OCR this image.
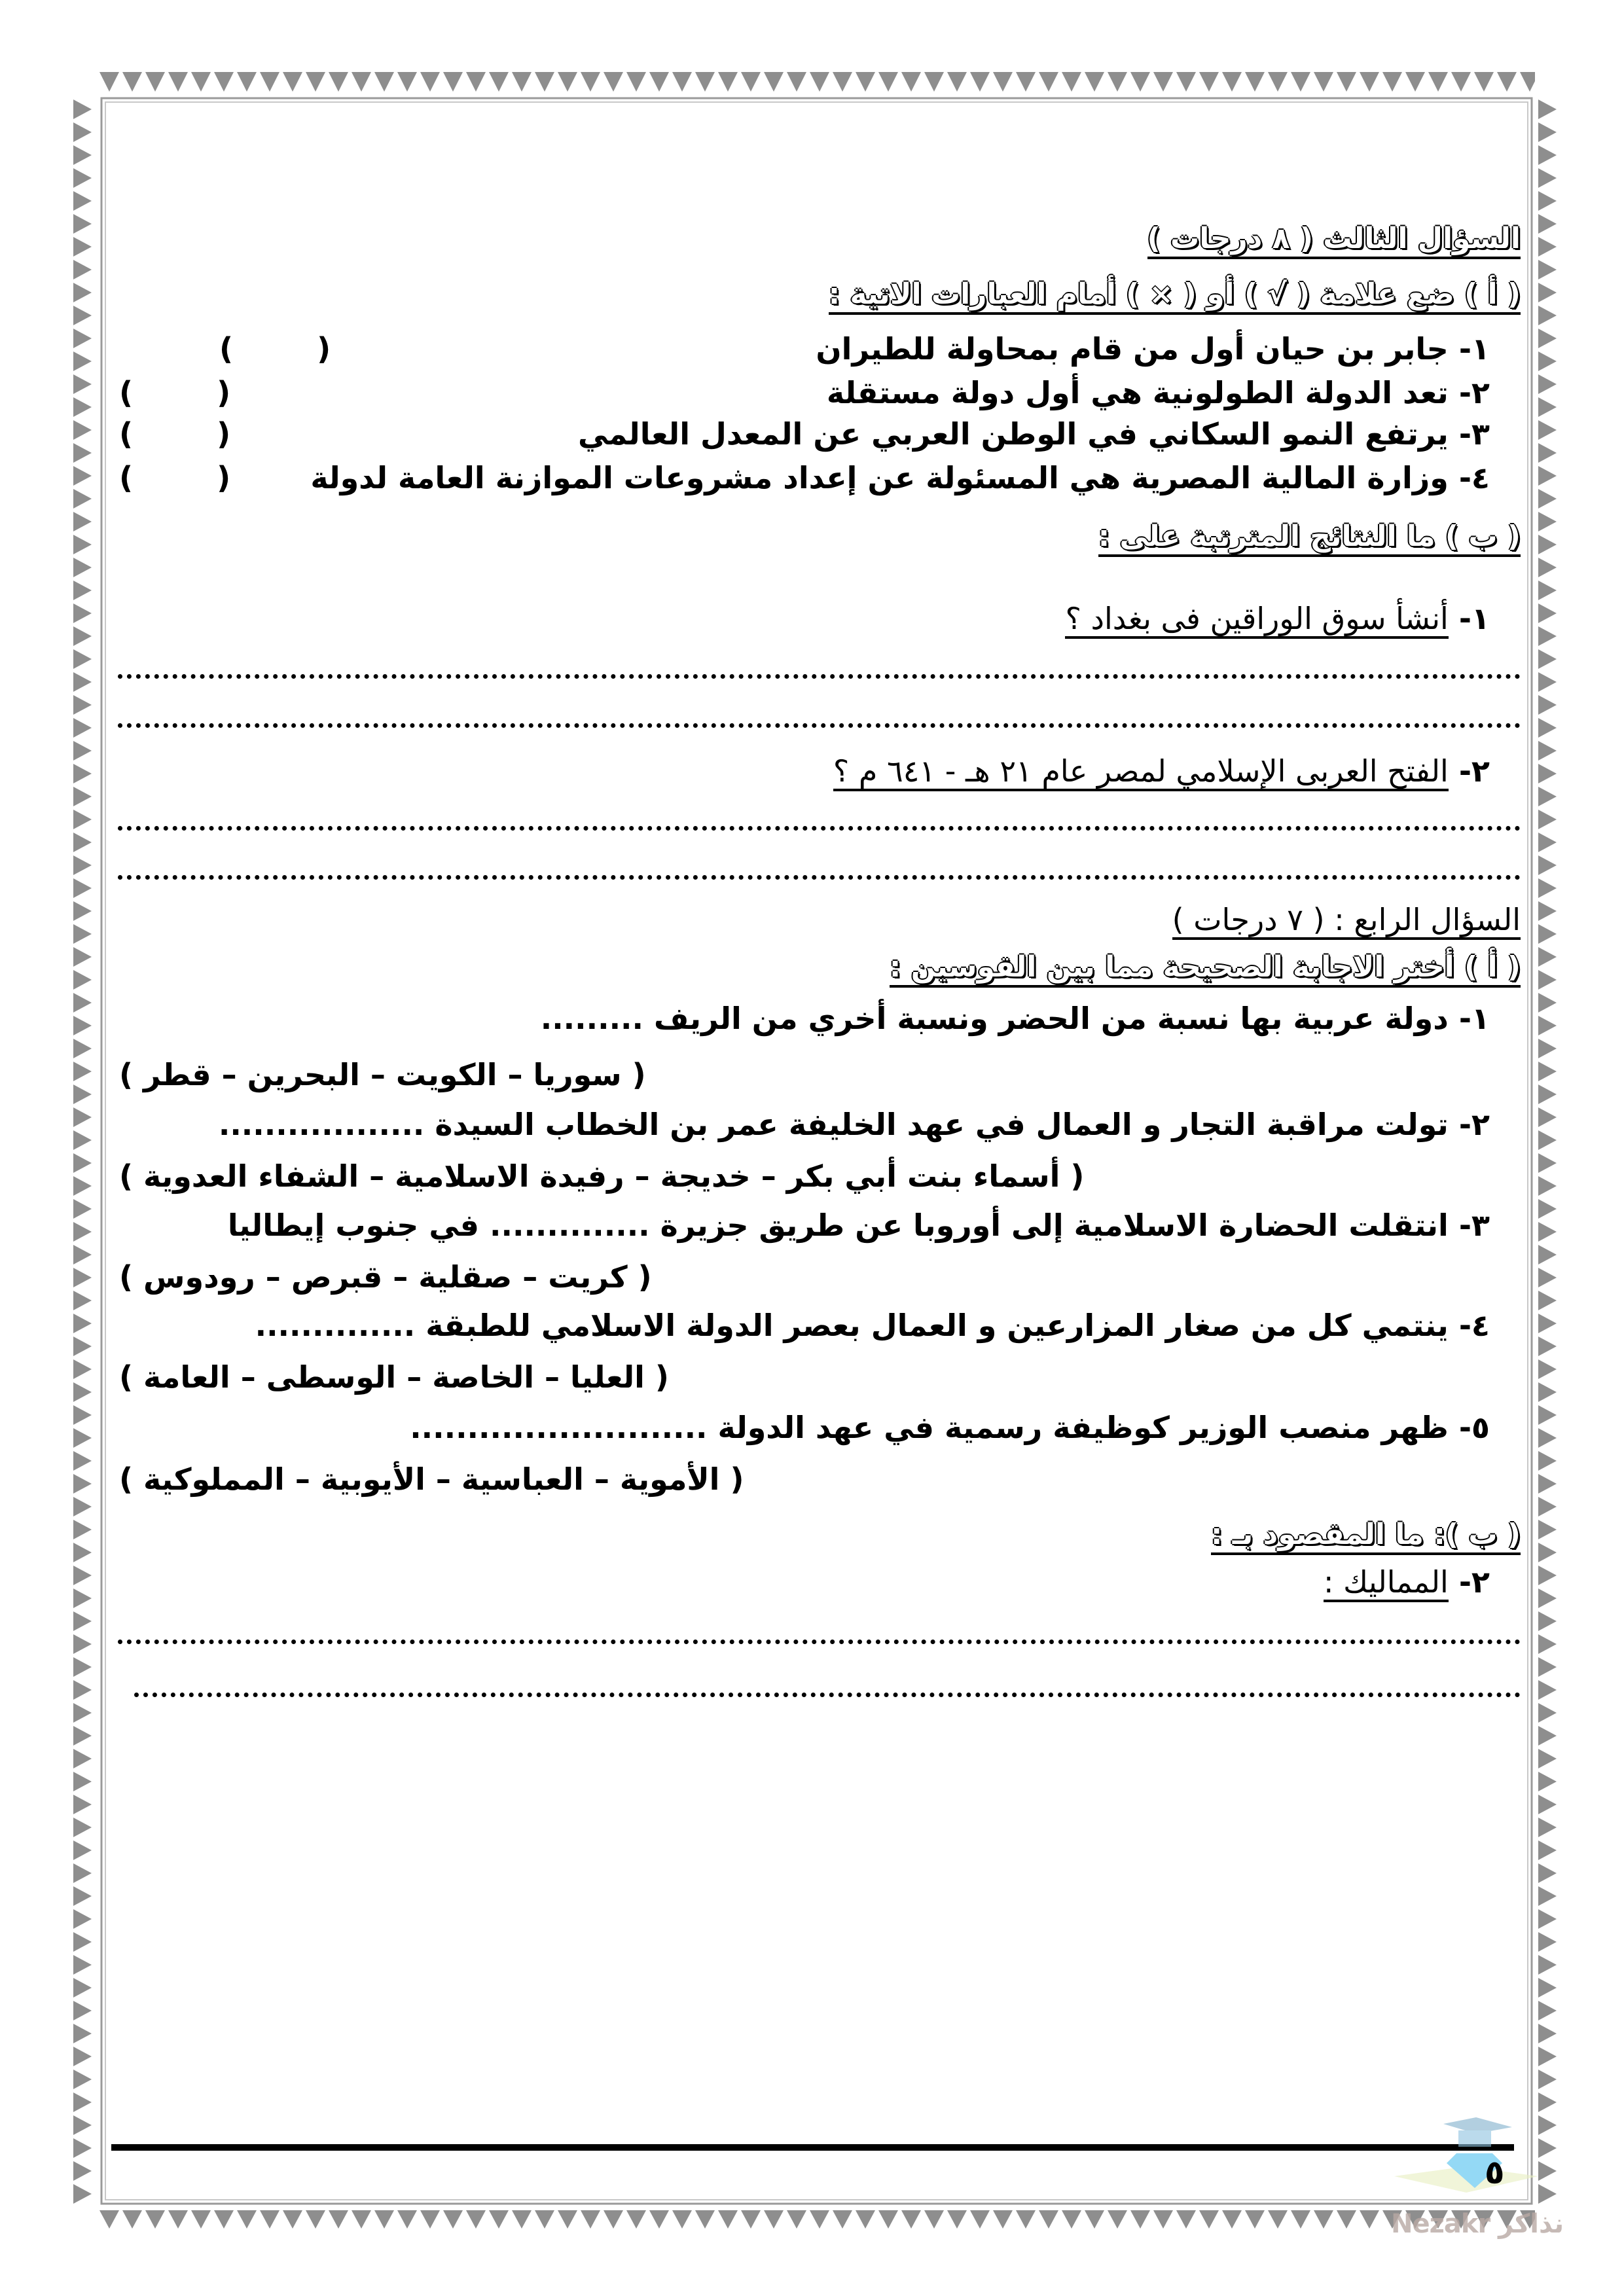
السؤال الثالث ( ٨ درجات )
( أ ) ضع علامة ( √ ) أو ( × ) أمام العبارات الاتية :
١- جابر بن حيان أول من قام بمحاولة للطيران
(        )
٢- تعد الدولة الطولونية هي أول دولة مستقلة
(        )
٣- يرتفع النمو السكاني في الوطن العربي عن المعدل العالمي
(        )
٤- وزارة المالية المصرية هي المسئولة عن إعداد مشروعات الموازنة العامة لدولة
(        )
( ب ) ما النتائج المترتبة على :
١- أنشأ سوق الوراقين فى بغداد ؟
٢- الفتح العربى الإسلامي لمصر عام ٢١ هـ - ٦٤١ م ؟
السؤال الرابع : ( ٧ درجات )
( أ ) أختر الاجابة الصحيحة مما بين القوسين :
١- دولة عربية بها نسبة من الحضر ونسبة أخري من الريف .........
( سوريا – الكويت – البحرين – قطر )
٢- تولت مراقبة التجار و العمال في عهد الخليفة عمر بن الخطاب السيدة ..................
( أسماء بنت أبي بكر – خديجة – رفيدة الاسلامية – الشفاء العدوية )
٣- انتقلت الحضارة الاسلامية إلى أوروبا عن طريق جزيرة .............. في جنوب إيطاليا
( كريت – صقلية – قبرص – رودوس )
٤- ينتمي كل من صغار المزارعين و العمال بعصر الدولة الاسلامي للطبقة ..............
( العليا – الخاصة – الوسطى – العامة )
٥- ظهر منصب الوزير كوظيفة رسمية في عهد الدولة ..........................
( الأموية – العباسية – الأيوبية – المملوكية )
( ب ): ما المقصود بـ :
٢- المماليك :
٥
Nezakr نذاكر
